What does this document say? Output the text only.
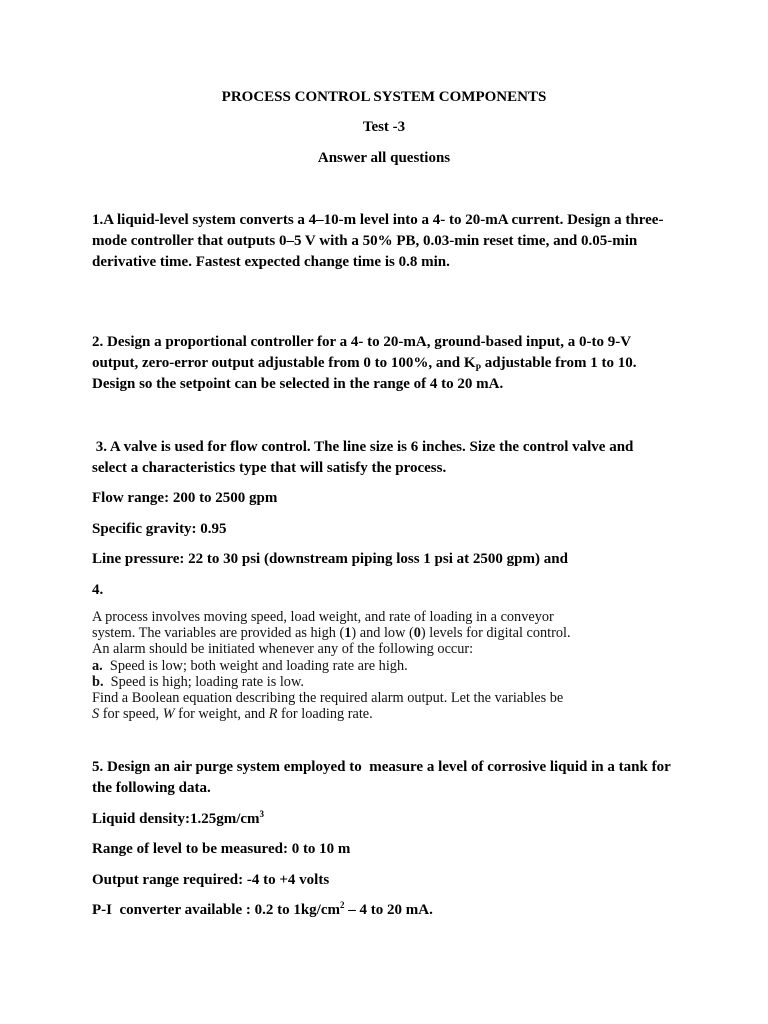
PROCESS CONTROL SYSTEM COMPONENTS
Test -3
Answer all questions

1.A liquid-level system converts a 4–10-m level into a 4- to 20-mA current. Design a three-mode controller that outputs 0–5 V with a 50% PB, 0.03-min reset time, and 0.05-min derivative time. Fastest expected change time is 0.8 min.

2. Design a proportional controller for a 4- to 20-mA, ground-based input, a 0-to 9-V output, zero-error output adjustable from 0 to 100%, and $K_P$ adjustable from 1 to 10. Design so the setpoint can be selected in the range of 4 to 20 mA.

3. A valve is used for flow control. The line size is 6 inches. Size the control valve and select a characteristics type that will satisfy the process.

Flow range: 200 to 2500 gpm

Specific gravity: 0.95

Line pressure: 22 to 30 psi (downstream piping loss 1 psi at 2500 gpm) and

4.

A process involves moving speed, load weight, and rate of loading in a conveyor
system. The variables are provided as high (1) and low (0) levels for digital control.
An alarm should be initiated whenever any of the following occur:
a.  Speed is low; both weight and loading rate are high.
b.  Speed is high; loading rate is low.
Find a Boolean equation describing the required alarm output. Let the variables be
S for speed, W for weight, and R for loading rate.

5. Design an air purge system employed to  measure a level of corrosive liquid in a tank for the following data.

Liquid $density:1.25gm/cm^3$

Range of level to be measured: 0 to 10 m

Output range required: -4 to +4 volts

P-I  converter available : 0.2 to $1kg/cm^2 - 4$ to 20 mA.
